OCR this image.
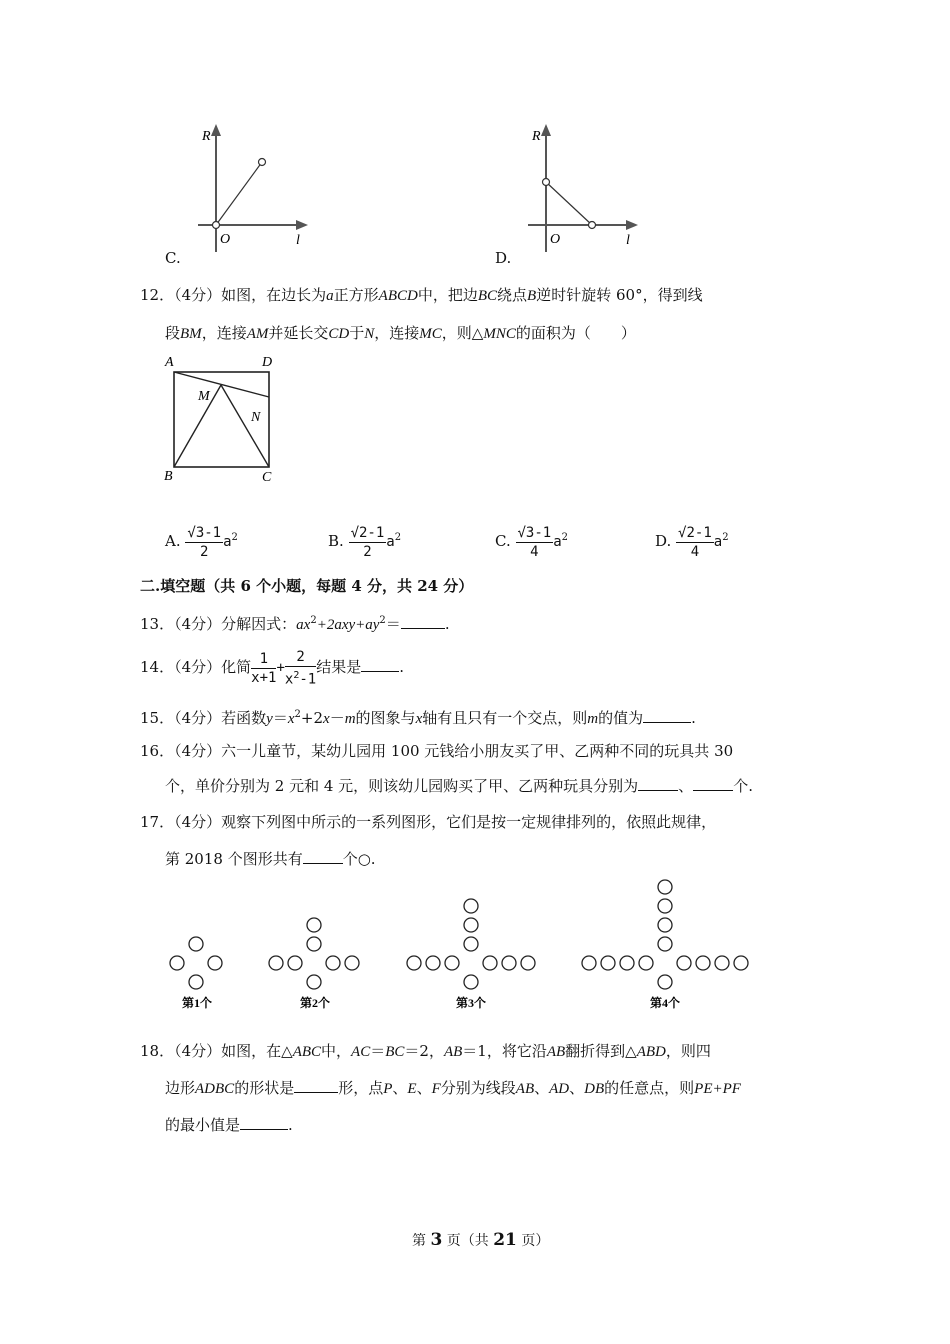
R
O	l
C.
R
O	l
D.
12．（4分）如图，在边长为a正方形ABCD中，把边BC绕点B逆时针旋转 60°，得到线
段BM，连接AM并延长交CD于N，连接MC，则△MNC的面积为（　　）
A	D
M
N
B	C
A. $\frac{√3-1}{2} a^2$	B. $\frac{√2-1}{2} a^2$	C. $\frac{√3-1}{4} a^2$	D. $\frac{√2-1}{4} a^2$
二.填空题（共 6 个小题，每题 4 分，共 24 分）
13．（4分）分解因式：$ax^2+2axy+ay^2=$	.
14．（4分）化简 $\frac{1}{x+1} + \frac{2}{x^2-1}$ 结果是	.
15．（4分）若函数$y=x^2+2x-m$的图象与x轴有且只有一个交点，则m的值为	.
16．（4分）六一儿童节，某幼儿园用 100 元钱给小朋友买了甲、乙两种不同的玩具共 30
个，单价分别为 2 元和 4 元，则该幼儿园购买了甲、乙两种玩具分别为	、	个.
17．（4分）观察下列图中所示的一系列图形，它们是按一定规律排列的，依照此规律，
第 2018 个图形共有	个○.
第1个	第2个	第3个	第4个
18．（4分）如图，在△ABC中，AC＝BC＝2，AB＝1，将它沿AB翻折得到△ABD，则四
边形ADBC的形状是	形，点P、E、F分别为线段AB、AD、DB的任意点，则PE+PF
的最小值是	.
第 3 页（共 21 页）
